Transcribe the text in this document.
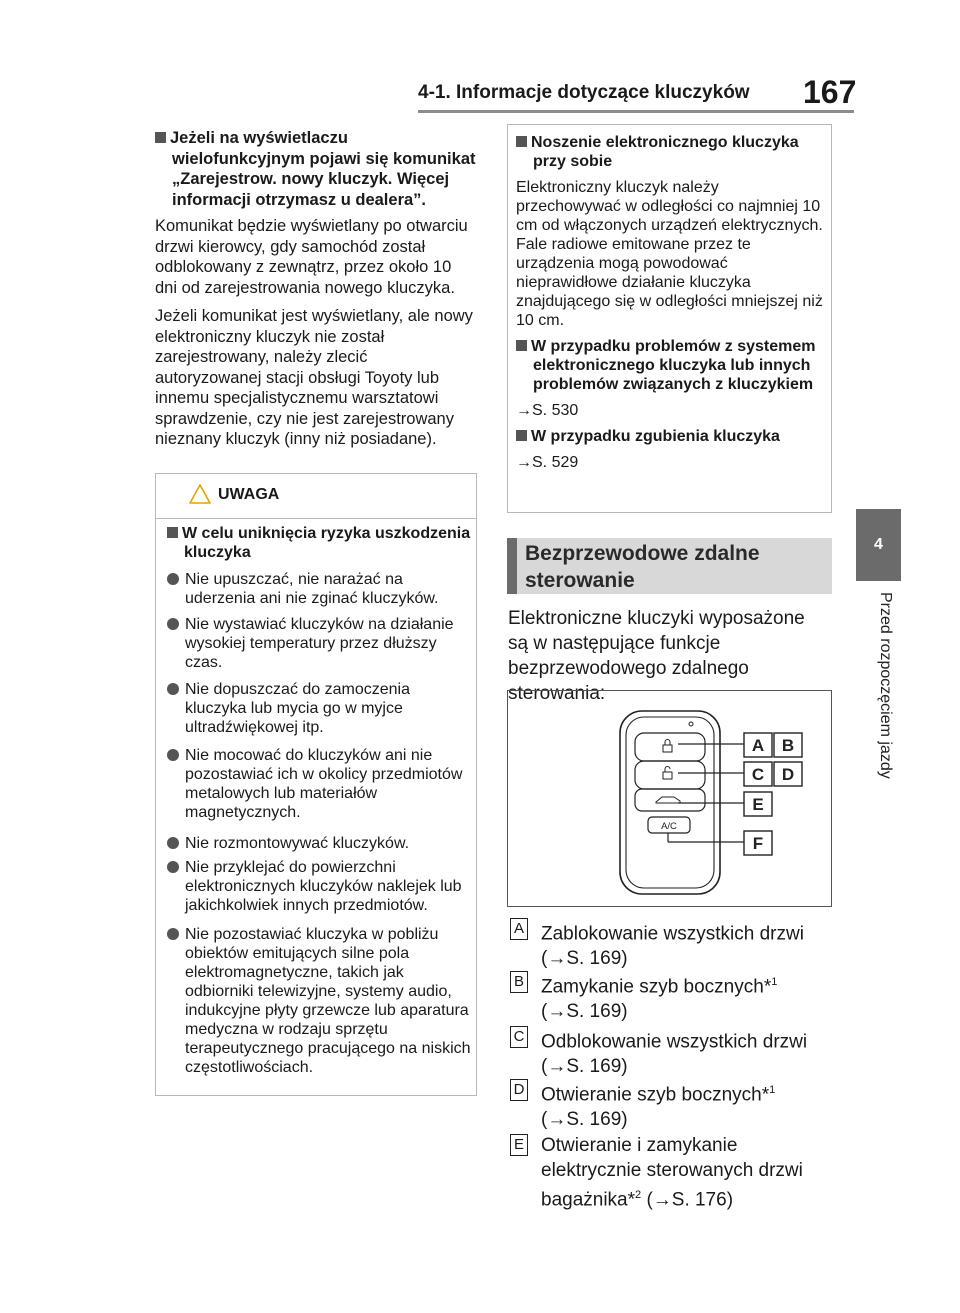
4-1. Informacje dotyczące kluczyków 167
4
Przed rozpoczęciem jazdy

Jeżeli na wyświetlaczu wielofunkcyjnym pojawi się komunikat „Zarejestrow. nowy kluczyk. Więcej informacji otrzymasz u dealera”.

Komunikat będzie wyświetlany po otwarciu drzwi kierowcy, gdy samochód został odblokowany z zewnątrz, przez około 10 dni od zarejestrowania nowego kluczyka.

Jeżeli komunikat jest wyświetlany, ale nowy elektroniczny kluczyk nie został zarejestrowany, należy zlecić autoryzowanej stacji obsługi Toyoty lub innemu specjalistycznemu warsztatowi sprawdzenie, czy nie jest zarejestrowany nieznany kluczyk (inny niż posiadane).

UWAGA
W celu uniknięcia ryzyka uszkodzenia kluczyka
Nie upuszczać, nie narażać na uderzenia ani nie zginać kluczyków.
Nie wystawiać kluczyków na działanie wysokiej temperatury przez dłuższy czas.
Nie dopuszczać do zamoczenia kluczyka lub mycia go w myjce ultradźwiękowej itp.
Nie mocować do kluczyków ani nie pozostawiać ich w okolicy przedmiotów metalowych lub materiałów magnetycznych.
Nie rozmontowywać kluczyków.
Nie przyklejać do powierzchni elektronicznych kluczyków naklejek lub jakichkolwiek innych przedmiotów.
Nie pozostawiać kluczyka w pobliżu obiektów emitujących silne pola elektromagnetyczne, takich jak odbiorniki telewizyjne, systemy audio, indukcyjne płyty grzewcze lub aparatura medyczna w rodzaju sprzętu terapeutycznego pracującego na niskich częstotliwościach.

Noszenie elektronicznego kluczyka przy sobie

Elektroniczny kluczyk należy przechowywać w odległości co najmniej 10 cm od włączonych urządzeń elektrycznych. Fale radiowe emitowane przez te urządzenia mogą powodować nieprawidłowe działanie kluczyka znajdującego się w odległości mniejszej niż 10 cm.

W przypadku problemów z systemem elektronicznego kluczyka lub innych problemów związanych z kluczykiem

→S. 530

W przypadku zgubienia kluczyka

→S. 529

Bezprzewodowe zdalne sterowanie
Elektroniczne kluczyki wyposażone są w następujące funkcje bezprzewodowego zdalnego sterowania:
A/C
A B
C D
E
F
A Zablokowanie wszystkich drzwi
(→S. 169)
B Zamykanie szyb bocznych*$^1$
(→S. 169)
C Odblokowanie wszystkich drzwi
(→S. 169)
D Otwieranie szyb bocznych*$^1$
(→S. 169)
E Otwieranie i zamykanie elektrycznie sterowanych drzwi bagażnika*$^2$ (→S. 176)
